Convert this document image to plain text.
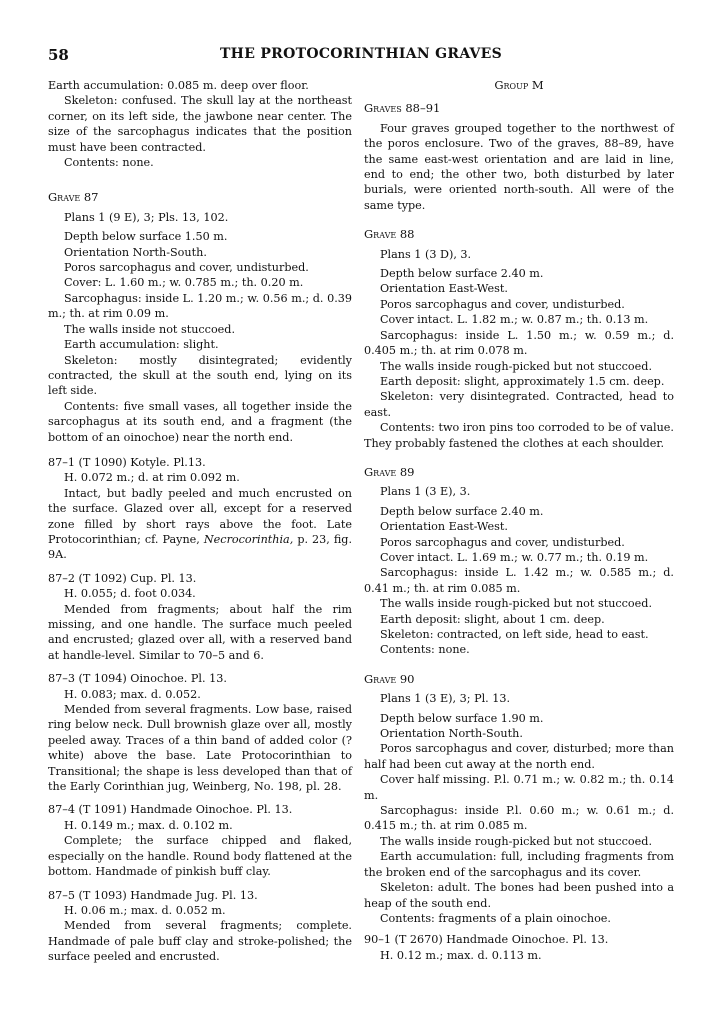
58	THE PROTOCORINTHIAN GRAVES

Earth accumulation: 0.085 m. deep over floor.

Skeleton: confused. The skull lay at the northeast corner, on its left side, the jawbone near center. The size of the sarcophagus indicates that the position must have been contracted.

Contents: none.

Grave 87

Plans 1 (9 E), 3; Pls. 13, 102.

Depth below surface 1.50 m.

Orientation North-South.

Poros sarcophagus and cover, undisturbed.

Cover: L. 1.60 m.; w. 0.785 m.; th. 0.20 m.

Sarcophagus: inside L. 1.20 m.; w. 0.56 m.; d. 0.39 m.; th. at rim 0.09 m.

The walls inside not stuccoed.

Earth accumulation: slight.

Skeleton: mostly disintegrated; evidently contracted, the skull at the south end, lying on its left side.

Contents: five small vases, all together inside the sarcophagus at its south end, and a fragment (the bottom of an oinochoe) near the north end.

87–1 (T 1090) Kotyle. Pl.13.

H. 0.072 m.; d. at rim 0.092 m.

Intact, but badly peeled and much encrusted on the surface. Glazed over all, except for a reserved zone filled by short rays above the foot. Late Protocorinthian; cf. Payne, Necrocorinthia, p. 23, fig. 9A.

87–2 (T 1092) Cup. Pl. 13.

H. 0.055; d. foot 0.034.

Mended from fragments; about half the rim missing, and one handle. The surface much peeled and encrusted; glazed over all, with a reserved band at handle-level. Similar to 70–5 and 6.

87–3 (T 1094) Oinochoe. Pl. 13.

H. 0.083; max. d. 0.052.

Mended from several fragments. Low base, raised ring below neck. Dull brownish glaze over all, mostly peeled away. Traces of a thin band of added color (? white) above the base. Late Protocorinthian to Transitional; the shape is less developed than that of the Early Corinthian jug, Weinberg, No. 198, pl. 28.

87–4 (T 1091) Handmade Oinochoe. Pl. 13.

H. 0.149 m.; max. d. 0.102 m.

Complete; the surface chipped and flaked, especially on the handle. Round body flattened at the bottom. Handmade of pinkish buff clay.

87–5 (T 1093) Handmade Jug. Pl. 13.

H. 0.06 m.; max. d. 0.052 m.

Mended from several fragments; complete. Handmade of pale buff clay and stroke-polished; the surface peeled and encrusted.

Group M
Graves 88–91

Four graves grouped together to the northwest of the poros enclosure. Two of the graves, 88–89, have the same east-west orientation and are laid in line, end to end; the other two, both disturbed by later burials, were oriented north-south. All were of the same type.

Grave 88

Plans 1 (3 D), 3.

Depth below surface 2.40 m.

Orientation East-West.

Poros sarcophagus and cover, undisturbed.

Cover intact. L. 1.82 m.; w. 0.87 m.; th. 0.13 m.

Sarcophagus: inside L. 1.50 m.; w. 0.59 m.; d. 0.405 m.; th. at rim 0.078 m.

The walls inside rough-picked but not stuccoed.

Earth deposit: slight, approximately 1.5 cm. deep.

Skeleton: very disintegrated. Contracted, head to east.

Contents: two iron pins too corroded to be of value. They probably fastened the clothes at each shoulder.

Grave 89

Plans 1 (3 E), 3.

Depth below surface 2.40 m.

Orientation East-West.

Poros sarcophagus and cover, undisturbed.

Cover intact. L. 1.69 m.; w. 0.77 m.; th. 0.19 m.

Sarcophagus: inside L. 1.42 m.; w. 0.585 m.; d. 0.41 m.; th. at rim 0.085 m.

The walls inside rough-picked but not stuccoed.

Earth deposit: slight, about 1 cm. deep.

Skeleton: contracted, on left side, head to east.

Contents: none.

Grave 90

Plans 1 (3 E), 3; Pl. 13.

Depth below surface 1.90 m.

Orientation North-South.

Poros sarcophagus and cover, disturbed; more than half had been cut away at the north end.

Cover half missing. P.l. 0.71 m.; w. 0.82 m.; th. 0.14 m.

Sarcophagus: inside P.l. 0.60 m.; w. 0.61 m.; d. 0.415 m.; th. at rim 0.085 m.

The walls inside rough-picked but not stuccoed.

Earth accumulation: full, including fragments from the broken end of the sarcophagus and its cover.

Skeleton: adult. The bones had been pushed into a heap of the south end.

Contents: fragments of a plain oinochoe.

90–1 (T 2670) Handmade Oinochoe. Pl. 13.

H. 0.12 m.; max. d. 0.113 m.
